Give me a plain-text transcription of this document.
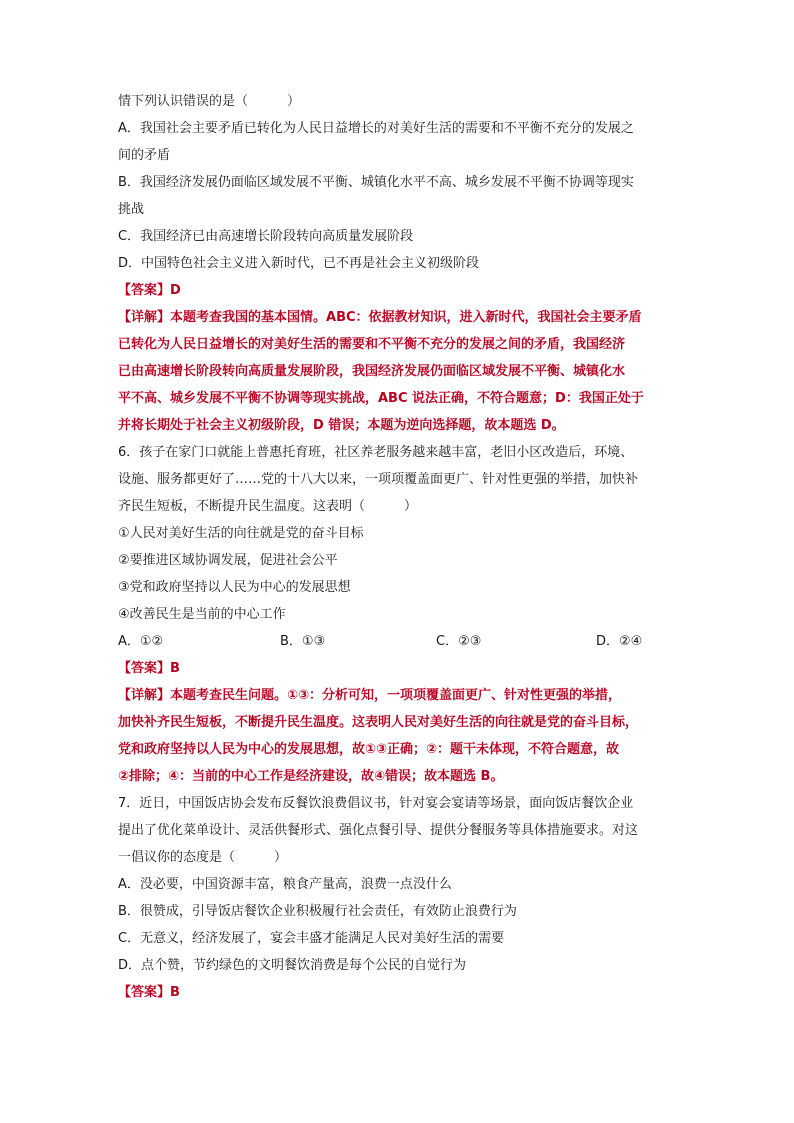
情下列认识错误的是（　　　）

A．我国社会主要矛盾已转化为人民日益增长的对美好生活的需要和不平衡不充分的发展之

间的矛盾

B．我国经济发展仍面临区域发展不平衡、城镇化水平不高、城乡发展不平衡不协调等现实

挑战

C．我国经济已由高速增长阶段转向高质量发展阶段

D．中国特色社会主义进入新时代，已不再是社会主义初级阶段

【答案】D

【详解】本题考查我国的基本国情。ABC：依据教材知识，进入新时代，我国社会主要矛盾

已转化为人民日益增长的对美好生活的需要和不平衡不充分的发展之间的矛盾，我国经济

已由高速增长阶段转向高质量发展阶段，我国经济发展仍面临区域发展不平衡、城镇化水

平不高、城乡发展不平衡不协调等现实挑战，ABC 说法正确，不符合题意；D：我国正处于

并将长期处于社会主义初级阶段，D 错误；本题为逆向选择题，故本题选 D。

6．孩子在家门口就能上普惠托育班，社区养老服务越来越丰富，老旧小区改造后，环境、

设施、服务都更好了……党的十八大以来，一项项覆盖面更广、针对性更强的举措，加快补

齐民生短板，不断提升民生温度。这表明（　　　）

①人民对美好生活的向往就是党的奋斗目标

②要推进区域协调发展，促进社会公平

③党和政府坚持以人民为中心的发展思想

④改善民生是当前的中心工作

A．①②	B．①③	C．②③	D．②④

【答案】B

【详解】本题考查民生问题。①③：分析可知，一项项覆盖面更广、针对性更强的举措，

加快补齐民生短板，不断提升民生温度。这表明人民对美好生活的向往就是党的奋斗目标，

党和政府坚持以人民为中心的发展思想，故①③正确；②：题干未体现，不符合题意，故

②排除；④：当前的中心工作是经济建设，故④错误；故本题选 B。

7．近日，中国饭店协会发布反餐饮浪费倡议书，针对宴会宴请等场景，面向饭店餐饮企业

提出了优化菜单设计、灵活供餐形式、强化点餐引导、提供分餐服务等具体措施要求。对这

一倡议你的态度是（　　　）

A．没必要，中国资源丰富，粮食产量高，浪费一点没什么

B．很赞成，引导饭店餐饮企业积极履行社会责任，有效防止浪费行为

C．无意义，经济发展了，宴会丰盛才能满足人民对美好生活的需要

D．点个赞，节约绿色的文明餐饮消费是每个公民的自觉行为

【答案】B
